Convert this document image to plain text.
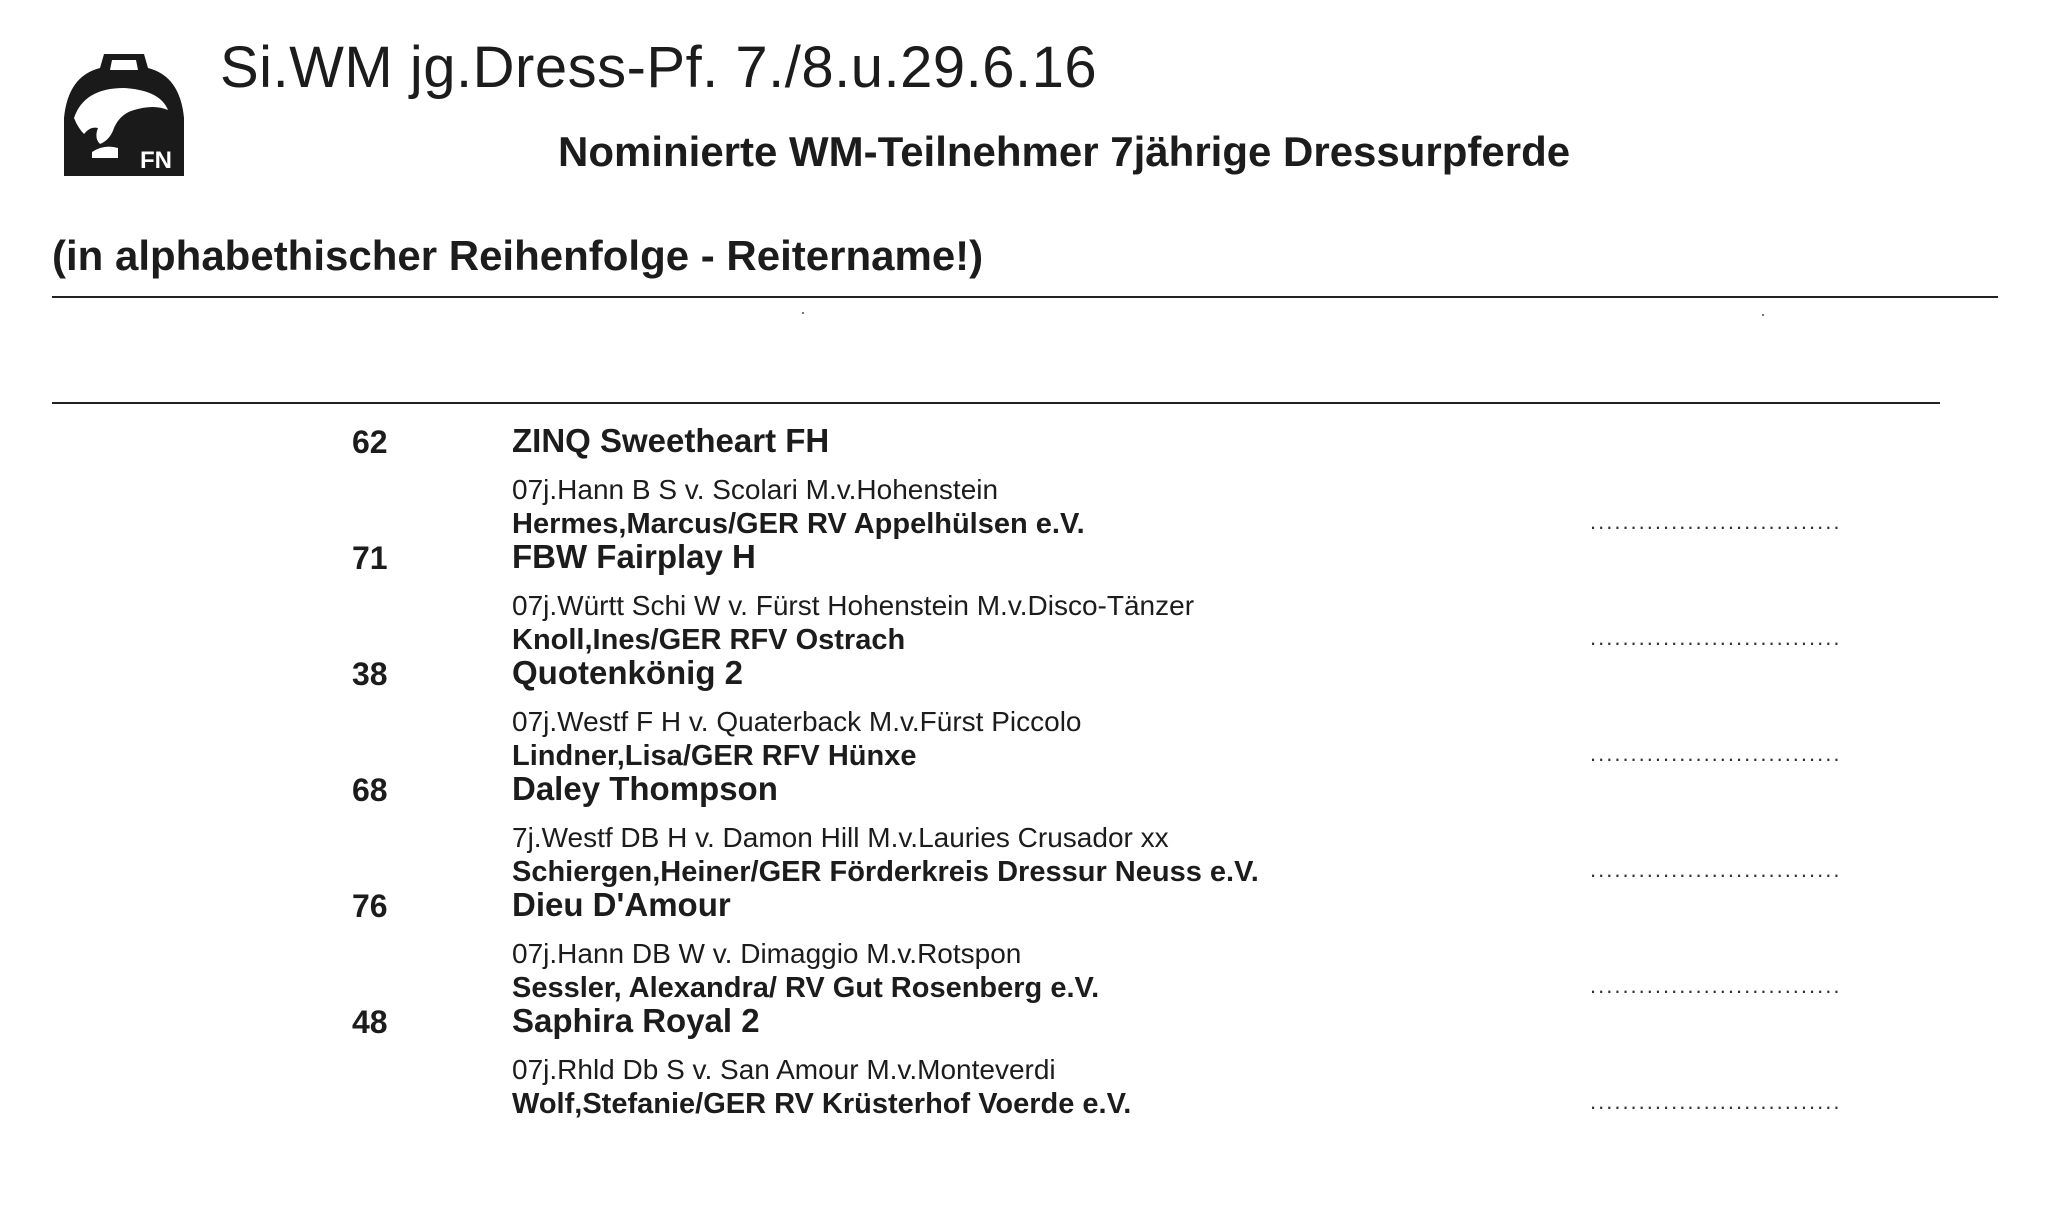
FN
Si.WM jg.Dress-Pf. 7./8.u.29.6.16
Nominierte WM-Teilnehmer 7jährige Dressurpferde

(in alphabethischer Reihenfolge - Reitername!)

62	ZINQ Sweetheart FH
07j.Hann B S v. Scolari M.v.Hohenstein
Hermes,Marcus/GER RV Appelhülsen e.V.	...............................
71	FBW Fairplay H
07j.Württ Schi W v. Fürst Hohenstein M.v.Disco-Tänzer
Knoll,Ines/GER RFV Ostrach	...............................
38	Quotenkönig 2
07j.Westf F H v. Quaterback M.v.Fürst Piccolo
Lindner,Lisa/GER RFV Hünxe	...............................
68	Daley Thompson
7j.Westf DB H v. Damon Hill M.v.Lauries Crusador xx
Schiergen,Heiner/GER Förderkreis Dressur Neuss e.V.	...............................
76	Dieu D'Amour
07j.Hann DB W v. Dimaggio M.v.Rotspon
Sessler, Alexandra/ RV Gut Rosenberg e.V.	...............................
48	Saphira Royal 2
07j.Rhld Db S v. San Amour M.v.Monteverdi
Wolf,Stefanie/GER RV Krüsterhof Voerde e.V.	...............................
